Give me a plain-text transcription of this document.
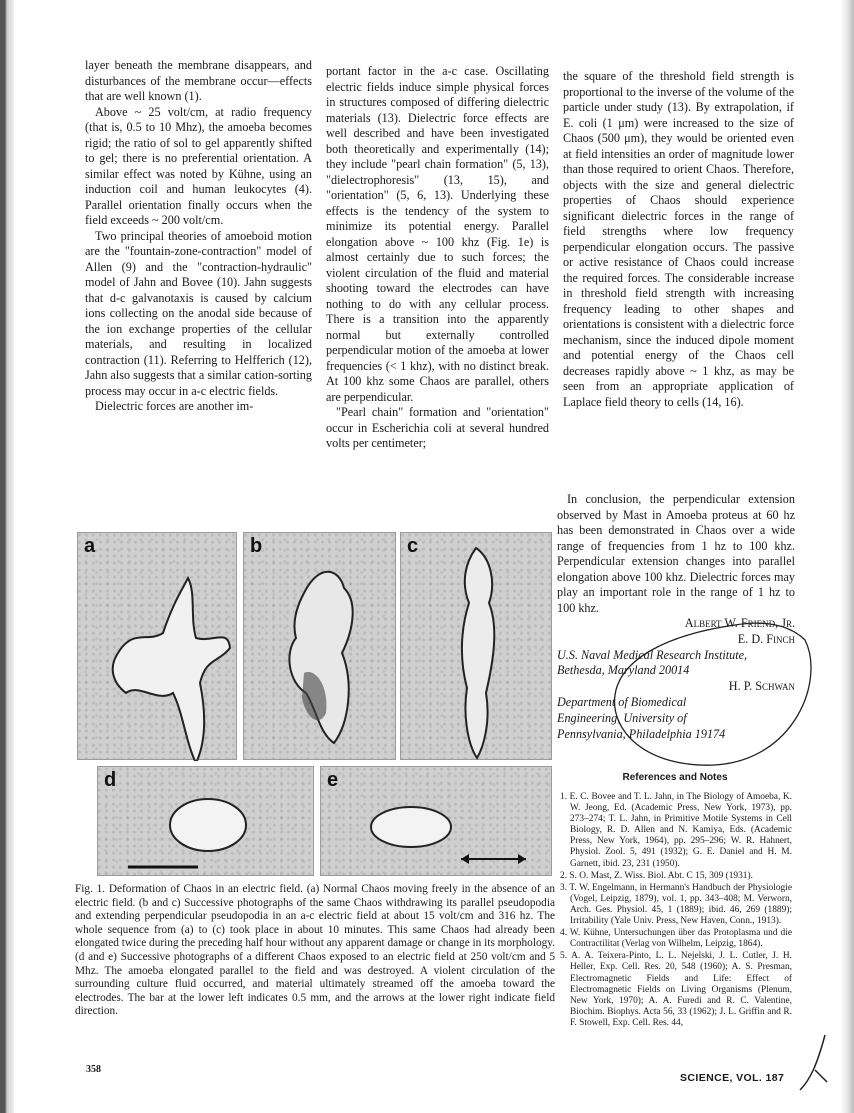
layer beneath the membrane disappears, and disturbances of the membrane occur—effects that are well known (1).

Above ~ 25 volt/cm, at radio frequency (that is, 0.5 to 10 Mhz), the amoeba becomes rigid; the ratio of sol to gel apparently shifted to gel; there is no preferential orientation. A similar effect was noted by Kühne, using an induction coil and human leukocytes (4). Parallel orientation finally occurs when the field exceeds ~ 200 volt/cm.

Two principal theories of amoeboid motion are the "fountain-zone-contraction" model of Allen (9) and the "contraction-hydraulic" model of Jahn and Bovee (10). Jahn suggests that d-c galvanotaxis is caused by calcium ions collecting on the anodal side because of the ion exchange properties of the cellular materials, and resulting in localized contraction (11). Referring to Helfferich (12), Jahn also suggests that a similar cation-sorting process may occur in a-c electric fields.

Dielectric forces are another im-

portant factor in the a-c case. Oscillating electric fields induce simple physical forces in structures composed of differing dielectric materials (13). Dielectric force effects are well described and have been investigated both theoretically and experimentally (14); they include "pearl chain formation" (5, 13), "dielectrophoresis" (13, 15), and "orientation" (5, 6, 13). Underlying these effects is the tendency of the system to minimize its potential energy. Parallel elongation above ~ 100 khz (Fig. 1e) is almost certainly due to such forces; the violent circulation of the fluid and material shooting toward the electrodes can have nothing to do with any cellular process. There is a transition into the apparently normal but externally controlled perpendicular motion of the amoeba at lower frequencies (< 1 khz), with no distinct break. At 100 khz some Chaos are parallel, others are perpendicular.

"Pearl chain" formation and "orientation" occur in Escherichia coli at several hundred volts per centimeter;

the square of the threshold field strength is proportional to the inverse of the volume of the particle under study (13). By extrapolation, if E. coli (1 μm) were increased to the size of Chaos (500 μm), they would be oriented even at field intensities an order of magnitude lower than those required to orient Chaos. Therefore, objects with the size and general dielectric properties of Chaos should experience significant dielectric forces in the range of field strengths where low frequency perpendicular elongation occurs. The passive or active resistance of Chaos could increase the required forces. The considerable increase in threshold field strength with increasing frequency leading to other shapes and orientations is consistent with a dielectric force mechanism, since the induced dipole moment and potential energy of the Chaos cell decreases rapidly above ~ 1 khz, as may be seen from an appropriate application of Laplace field theory to cells (14, 16).

In conclusion, the perpendicular extension observed by Mast in Amoeba proteus at 60 hz has been demonstrated in Chaos over a wide range of frequencies from 1 hz to 100 khz. Perpendicular extension changes into parallel elongation above 100 khz. Dielectric forces may play an important role in the range of 1 hz to 100 khz.

Albert W. Friend, Jr.
E. D. Finch
U.S. Naval Medical Research Institute,
Bethesda, Maryland 20014
H. P. Schwan
Department of Biomedical
Engineering, University of
Pennsylvania, Philadelphia 19174
a	b	c
d	e
Fig. 1. Deformation of Chaos in an electric field. (a) Normal Chaos moving freely in the absence of an electric field. (b and c) Successive photographs of the same Chaos withdrawing its parallel pseudopodia and extending perpendicular pseudopodia in an a-c electric field at about 15 volt/cm and 316 hz. The whole sequence from (a) to (c) took place in about 10 minutes. This same Chaos had already been elongated twice during the preceding half hour without any apparent damage or change in its morphology. (d and e) Successive photographs of a different Chaos exposed to an electric field at 250 volt/cm and 5 Mhz. The amoeba elongated parallel to the field and was destroyed. A violent circulation of the surrounding culture fluid occurred, and material ultimately streamed off the amoeba toward the electrodes. The bar at the lower left indicates 0.5 mm, and the arrows at the lower right indicate field direction.
References and Notes
1. E. C. Bovee and T. L. Jahn, in The Biology of Amoeba, K. W. Jeong, Ed. (Academic Press, New York, 1973), pp. 273–274; T. L. Jahn, in Primitive Motile Systems in Cell Biology, R. D. Allen and N. Kamiya, Eds. (Academic Press, New York, 1964), pp. 295–296; W. R. Hahnert, Physiol. Zool. 5, 491 (1932); G. E. Daniel and H. M. Garnett, ibid. 23, 231 (1950).
2. S. O. Mast, Z. Wiss. Biol. Abt. C 15, 309 (1931).
3. T. W. Engelmann, in Hermann's Handbuch der Physiologie (Vogel, Leipzig, 1879), vol. 1, pp. 343–408; M. Verworn, Arch. Ges. Physiol. 45, 1 (1889); ibid. 46, 269 (1889); Irritability (Yale Univ. Press, New Haven, Conn., 1913).
4. W. Kühne, Untersuchungen über das Protoplasma und die Contractilitat (Verlag von Wilhelm, Leipzig, 1864).
5. A. A. Teixera-Pinto, L. L. Nejelski, J. L. Cutler, J. H. Heller, Exp. Cell. Res. 20, 548 (1960); A. S. Presman, Electromagnetic Fields and Life: Effect of Electromagnetic Fields on Living Organisms (Plenum, New York, 1970); A. A. Furedi and R. C. Valentine, Biochim. Biophys. Acta 56, 33 (1962); J. L. Griffin and R. F. Stowell, Exp. Cell. Res. 44,
358
SCIENCE, VOL. 187
